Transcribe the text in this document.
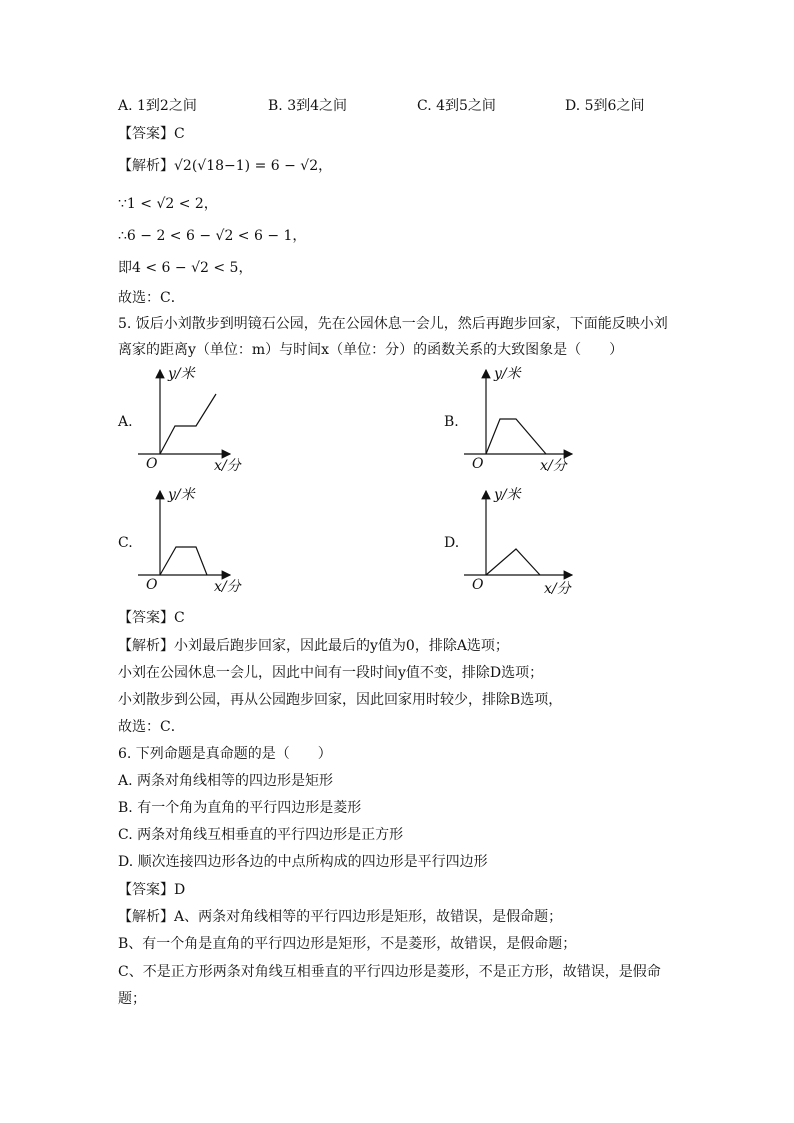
A. 1到2之间	B. 3到4之间	C. 4到5之间	D. 5到6之间
【答案】C
【解析】√2(√18−1) = 6 − √2，
∵1 < √2 < 2，
∴6 − 2 < 6 − √2 < 6 − 1，
即4 < 6 − √2 < 5，
故选：C．
5. 饭后小刘散步到明镜石公园，先在公园休息一会儿，然后再跑步回家，下面能反映小刘
离家的距离y（单位：m）与时间x（单位：分）的函数关系的大致图象是（　　）
A.
y/米
x/分
O
B.
y/米
x/分
O
C.
y/米
x/分
O
D.
y/米
x/分
O
【答案】C
【解析】小刘最后跑步回家，因此最后的y值为0，排除A选项；
小刘在公园休息一会儿，因此中间有一段时间y值不变，排除D选项；
小刘散步到公园，再从公园跑步回家，因此回家用时较少，排除B选项，
故选：C．
6. 下列命题是真命题的是（　　）
A. 两条对角线相等的四边形是矩形
B. 有一个角为直角的平行四边形是菱形
C. 两条对角线互相垂直的平行四边形是正方形
D. 顺次连接四边形各边的中点所构成的四边形是平行四边形
【答案】D
【解析】A、两条对角线相等的平行四边形是矩形，故错误，是假命题；
B、有一个角是直角的平行四边形是矩形，不是菱形，故错误，是假命题；
C、不是正方形两条对角线互相垂直的平行四边形是菱形，不是正方形，故错误，是假命
题；
